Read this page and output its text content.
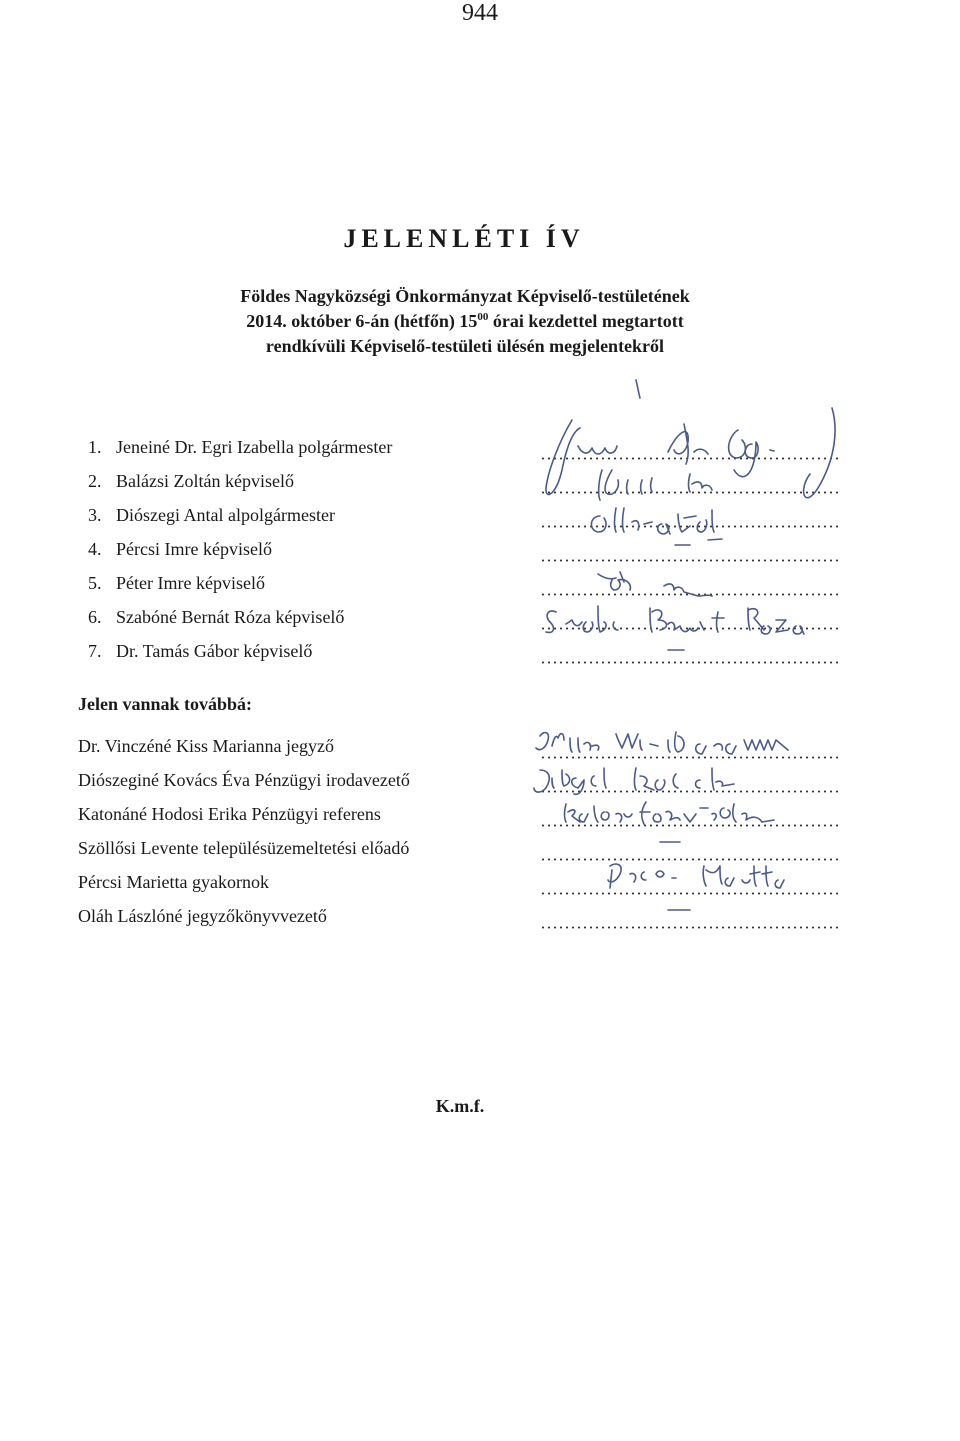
944
JELENLÉTI ÍV
Földes Nagyközségi Önkormányzat Képviselő-testületének
2014. október 6-án (hétfőn) $15^{00}$ órai kezdettel megtartott
rendkívüli Képviselő-testületi ülésén megjelentekről
1. Jeneiné Dr. Egri Izabella polgármester
2. Balázsi Zoltán képviselő
3. Diószegi Antal alpolgármester
4. Pércsi Imre képviselő
5. Péter Imre képviselő
6. Szabóné Bernát Róza képviselő
7. Dr. Tamás Gábor képviselő
Jelen vannak továbbá:
Dr. Vinczéné Kiss Marianna jegyző
Diószeginé Kovács Éva Pénzügyi irodavezető
Katonáné Hodosi Erika Pénzügyi referens
Szöllősi Levente településüzemeltetési előadó
Pércsi Marietta gyakornok
Oláh Lászlóné jegyzőkönyvvezető
K.m.f.
